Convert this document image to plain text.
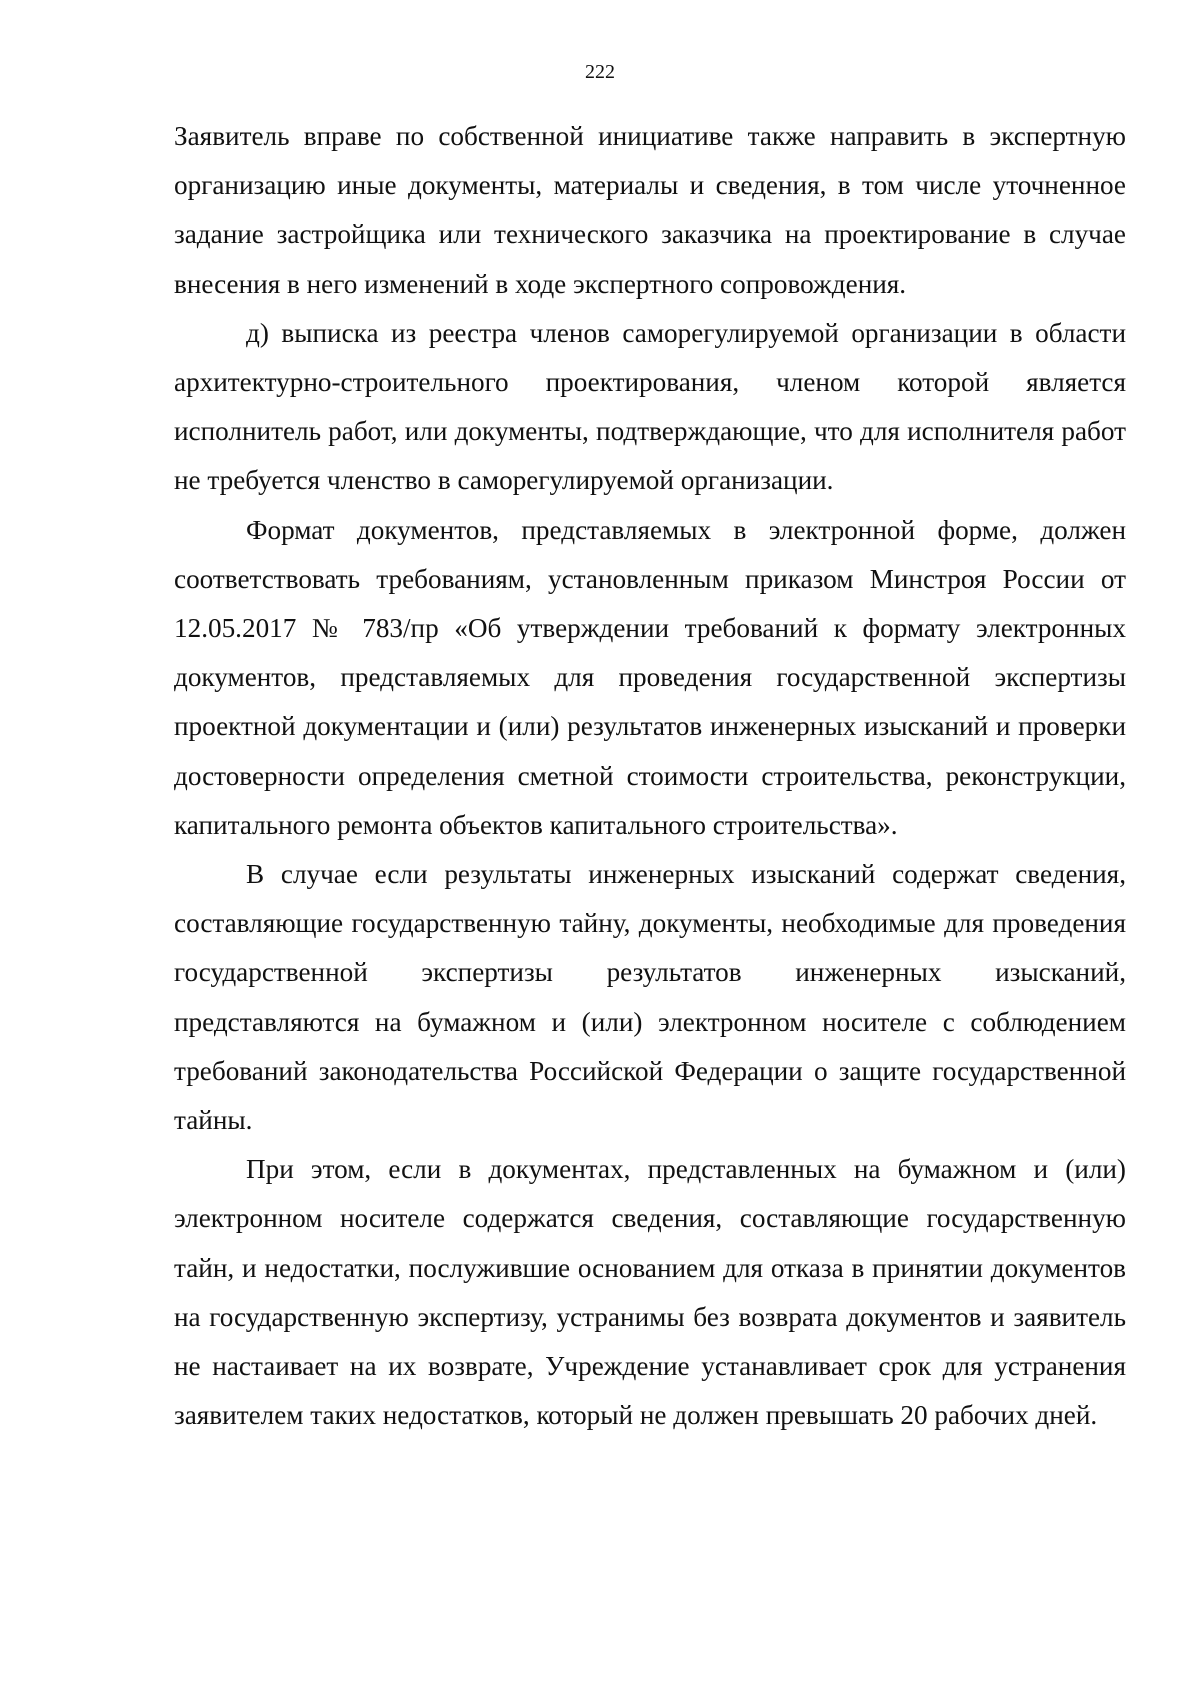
222

Заявитель вправе по собственной инициативе также направить в экспертную организацию иные документы, материалы и сведения, в том числе уточненное задание застройщика или технического заказчика на проектирование в случае внесения в него изменений в ходе экспертного сопровождения.

д) выписка из реестра членов саморегулируемой организации в области архитектурно-строительного проектирования, членом которой является исполнитель работ, или документы, подтверждающие, что для исполнителя работ не требуется членство в саморегулируемой организации.

Формат документов, представляемых в электронной форме, должен соответствовать требованиям, установленным приказом Минстроя России от 12.05.2017 № 783/пр «Об утверждении требований к формату электронных документов, представляемых для проведения государственной экспертизы проектной документации и (или) результатов инженерных изысканий и проверки достоверности определения сметной стоимости строительства, реконструкции, капитального ремонта объектов капитального строительства».

В случае если результаты инженерных изысканий содержат сведения, составляющие государственную тайну, документы, необходимые для проведения государственной экспертизы результатов инженерных изысканий, представляются на бумажном и (или) электронном носителе с соблюдением требований законодательства Российской Федерации о защите государственной тайны.

При этом, если в документах, представленных на бумажном и (или) электронном носителе содержатся сведения, составляющие государственную тайн, и недостатки, послужившие основанием для отказа в принятии документов на государственную экспертизу, устранимы без возврата документов и заявитель не настаивает на их возврате, Учреждение устанавливает срок для устранения заявителем таких недостатков, который не должен превышать 20 рабочих дней.
